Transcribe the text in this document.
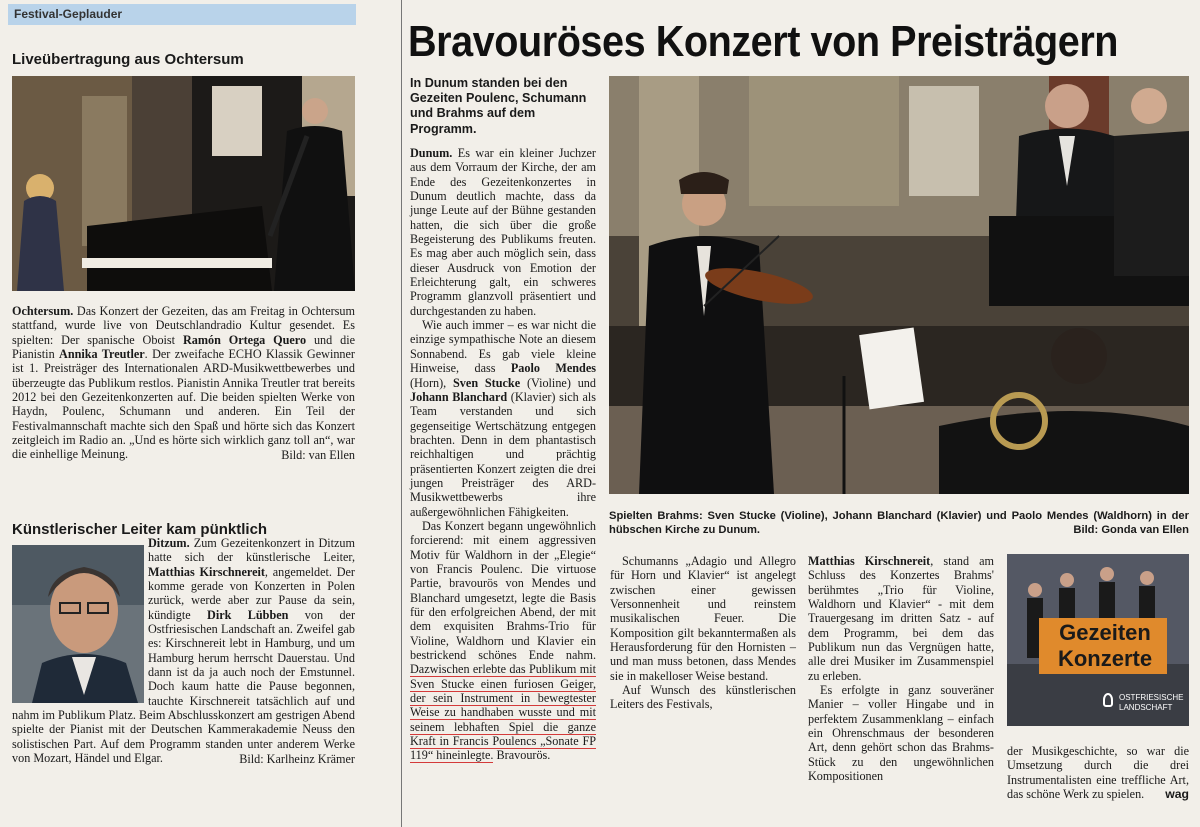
Festival-Geplauder
Liveübertragung aus Ochtersum

Ochtersum. Das Konzert der Gezeiten, das am Freitag in Ochtersum stattfand, wurde live von Deutschlandradio Kultur gesendet. Es spielten: Der spanische Oboist Ramón Ortega Quero und die Pianistin Annika Treutler. Der zweifache ECHO Klassik Gewinner ist 1. Preisträger des Internationalen ARD-Musikwettbewerbes und überzeugte das Publikum restlos. Pianistin Annika Treutler trat bereits 2012 bei den Gezeitenkonzerten auf. Die beiden spielten Werke von Haydn, Poulenc, Schumann und anderen. Ein Teil der Festivalmannschaft machte sich den Spaß und hörte sich das Konzert zeitgleich im Radio an. „Und es hörte sich wirklich ganz toll an“, war die einhellige Meinung.	Bild: van Ellen

Künstlerischer Leiter kam pünktlich

Ditzum. Zum Gezeitenkonzert in Ditzum hatte sich der künstlerische Leiter, Matthias Kirschnereit, angemeldet. Der komme gerade von Konzerten in Polen zurück, werde aber zur Pause da sein, kündigte Dirk Lübben von der Ostfriesischen Landschaft an. Zweifel gab es: Kirschnereit lebt in Hamburg, und um Hamburg herum herrscht Dauerstau. Und dann ist da ja auch noch der Emstunnel. Doch kaum hatte die Pause begonnen, tauchte Kirschnereit tatsächlich auf und nahm im Publikum Platz. Beim Abschlusskonzert am gestrigen Abend spielte der Pianist mit der Deutschen Kammerakademie Neuss den solistischen Part. Auf dem Programm standen unter anderem Werke von Mozart, Händel und Elgar.	Bild: Karlheinz Krämer

Bravouröses Konzert von Preisträgern
In Dunum standen bei den Gezeiten Poulenc, Schumann und Brahms auf dem Programm.

Dunum. Es war ein kleiner Juchzer aus dem Vorraum der Kirche, der am Ende des Gezeitenkonzertes in Dunum deutlich machte, dass da junge Leute auf der Bühne gestanden hatten, die sich über die große Begeisterung des Publikums freuten. Es mag aber auch möglich sein, dass dieser Ausdruck von Emotion der Erleichterung galt, ein schweres Programm glanzvoll präsentiert und durchgestanden zu haben.

Wie auch immer – es war nicht die einzige sympathische Note an diesem Sonnabend. Es gab viele kleine Hinweise, dass Paolo Mendes (Horn), Sven Stucke (Violine) und Johann Blanchard (Klavier) sich als Team verstanden und sich gegenseitige Wertschätzung entgegen brachten. Denn in dem phantastisch reichhaltigen und prächtig präsentierten Konzert zeigten die drei jungen Preisträger des ARD-Musikwettbewerbs ihre außergewöhnlichen Fähigkeiten.

Das Konzert begann ungewöhnlich forcierend: mit einem aggressiven Motiv für Waldhorn in der „Elegie“ von Francis Poulenc. Die virtuose Partie, bravourös von Mendes und Blanchard umgesetzt, legte die Basis für den erfolgreichen Abend, der mit dem exquisiten Brahms-Trio für Violine, Waldhorn und Klavier ein bestrickend schönes Ende nahm. Dazwischen erlebte das Publikum mit Sven Stucke einen furiosen Geiger, der sein Instrument in bewegtester Weise zu handhaben wusste und mit seinem lebhaften Spiel die ganze Kraft in Francis Poulencs „Sonate FP 119“ hineinlegte. Bravourös.

Spielten Brahms: Sven Stucke (Violine), Johann Blanchard (Klavier) und Paolo Mendes (Waldhorn) in der hübschen Kirche zu Dunum.	Bild: Gonda van Ellen

Schumanns „Adagio und Allegro für Horn und Klavier“ ist angelegt zwischen einer gewissen Versonnenheit und reinstem musikalischen Feuer. Die Komposition gilt bekanntermaßen als Herausforderung für den Hornisten – und man muss betonen, dass Mendes sie in makelloser Weise bestand.

Auf Wunsch des künstlerischen Leiters des Festivals,

Matthias Kirschnereit, stand am Schluss des Konzertes Brahms' berühmtes „Trio für Violine, Waldhorn und Klavier“ - mit dem Trauergesang im dritten Satz - auf dem Programm, bei dem das Publikum nun das Vergnügen hatte, alle drei Musiker im Zusammenspiel zu erleben.

Es erfolgte in ganz souveräner Manier – voller Hingabe und in perfektem Zusammenklang – einfach ein Ohrenschmaus der besonderen Art, denn gehört schon das Brahms-Stück zu den ungewöhnlichen Kompositionen

Gezeiten
Konzerte
OSTFRIESISCHE
LANDSCHAFT

der Musikgeschichte, so war die Umsetzung durch die drei Instrumentalisten eine treffliche Art, das schöne Werk zu spielen.	wag
